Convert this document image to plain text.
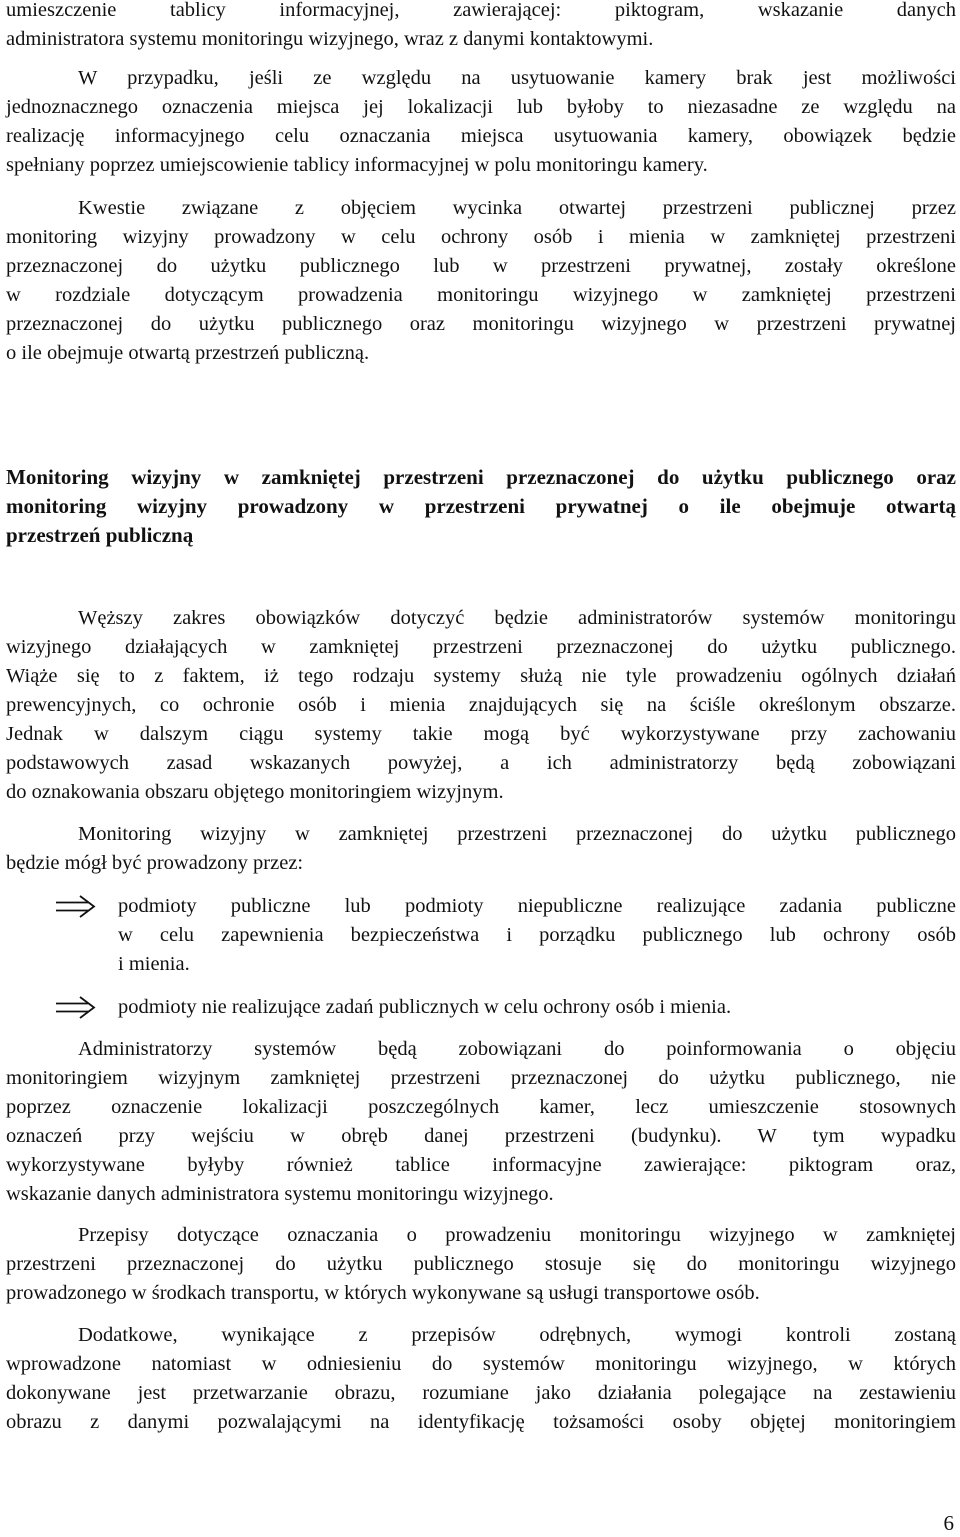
umieszczenie tablicy informacyjnej, zawierającej: piktogram, wskazanie danych
administratora systemu monitoringu wizyjnego, wraz z danymi kontaktowymi.
W przypadku, jeśli ze względu na usytuowanie kamery brak jest możliwości
jednoznacznego oznaczenia miejsca jej lokalizacji lub byłoby to niezasadne ze względu na
realizację informacyjnego celu oznaczania miejsca usytuowania kamery, obowiązek będzie
spełniany poprzez umiejscowienie tablicy informacyjnej w polu monitoringu kamery.
Kwestie związane z objęciem wycinka otwartej przestrzeni publicznej przez
monitoring wizyjny prowadzony w celu ochrony osób i mienia w zamkniętej przestrzeni
przeznaczonej do użytku publicznego lub w przestrzeni prywatnej, zostały określone
w rozdziale dotyczącym prowadzenia monitoringu wizyjnego w zamkniętej przestrzeni
przeznaczonej do użytku publicznego oraz monitoringu wizyjnego w przestrzeni prywatnej
o ile obejmuje otwartą przestrzeń publiczną.
Monitoring wizyjny w zamkniętej przestrzeni przeznaczonej do użytku publicznego oraz
monitoring wizyjny prowadzony w przestrzeni prywatnej o ile obejmuje otwartą
przestrzeń publiczną
Węższy zakres obowiązków dotyczyć będzie administratorów systemów monitoringu
wizyjnego działających w zamkniętej przestrzeni przeznaczonej do użytku publicznego.
Wiąże się to z faktem, iż tego rodzaju systemy służą nie tyle prowadzeniu ogólnych działań
prewencyjnych, co ochronie osób i mienia znajdujących się na ściśle określonym obszarze.
Jednak w dalszym ciągu systemy takie mogą być wykorzystywane przy zachowaniu
podstawowych zasad wskazanych powyżej, a ich administratorzy będą zobowiązani
do oznakowania obszaru objętego monitoringiem wizyjnym.
Monitoring wizyjny w zamkniętej przestrzeni przeznaczonej do użytku publicznego
będzie mógł być prowadzony przez:
podmioty publiczne lub podmioty niepubliczne realizujące zadania publiczne
w celu zapewnienia bezpieczeństwa i porządku publicznego lub ochrony osób
i mienia.
podmioty nie realizujące zadań publicznych w celu ochrony osób i mienia.
Administratorzy systemów będą zobowiązani do poinformowania o objęciu
monitoringiem wizyjnym zamkniętej przestrzeni przeznaczonej do użytku publicznego, nie
poprzez oznaczenie lokalizacji poszczególnych kamer, lecz umieszczenie stosownych
oznaczeń przy wejściu w obręb danej przestrzeni (budynku). W tym wypadku
wykorzystywane byłyby również tablice informacyjne zawierające: piktogram oraz,
wskazanie danych administratora systemu monitoringu wizyjnego.
Przepisy dotyczące oznaczania o prowadzeniu monitoringu wizyjnego w zamkniętej
przestrzeni przeznaczonej do użytku publicznego stosuje się do monitoringu wizyjnego
prowadzonego w środkach transportu, w których wykonywane są usługi transportowe osób.
Dodatkowe, wynikające z przepisów odrębnych, wymogi kontroli zostaną
wprowadzone natomiast w odniesieniu do systemów monitoringu wizyjnego, w których
dokonywane jest przetwarzanie obrazu, rozumiane jako działania polegające na zestawieniu
obrazu z danymi pozwalającymi na identyfikację tożsamości osoby objętej monitoringiem
6
